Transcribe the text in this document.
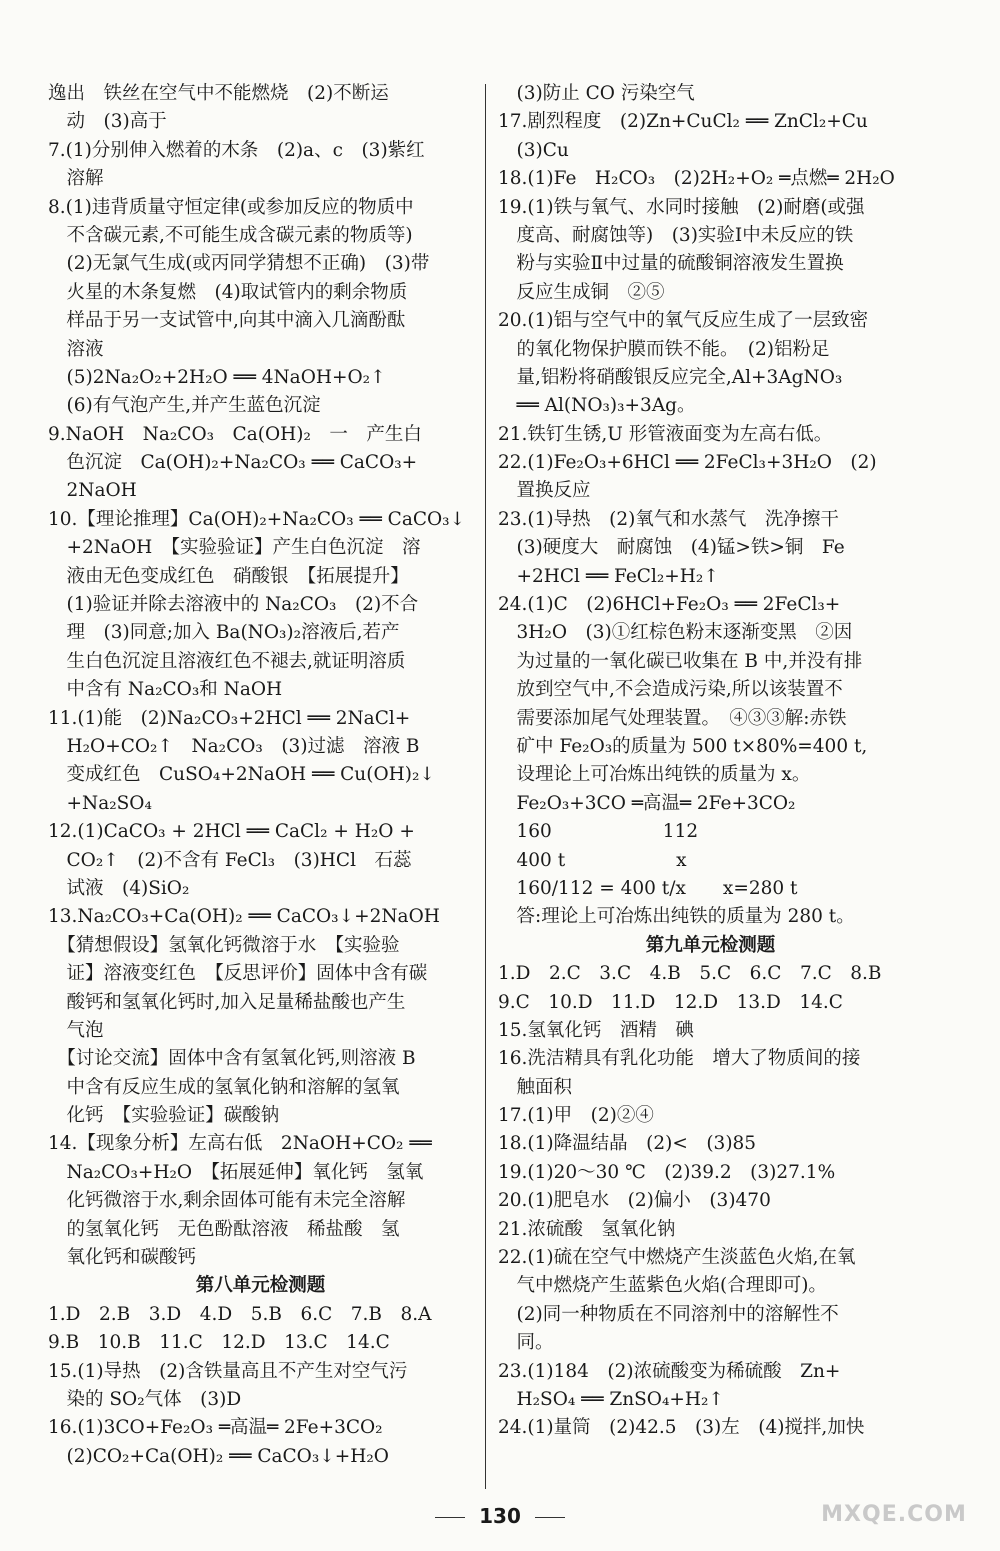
逸出　铁丝在空气中不能燃烧　(2)不断运
　动　(3)高于
7.(1)分别伸入燃着的木条　(2)a、c　(3)紫红
　溶解
8.(1)违背质量守恒定律(或参加反应的物质中
　不含碳元素,不可能生成含碳元素的物质等)
　(2)无氯气生成(或丙同学猜想不正确)　(3)带
　火星的木条复燃　(4)取试管内的剩余物质
　样品于另一支试管中,向其中滴入几滴酚酞
　溶液
　(5)2Na₂O₂+2H₂O ══ 4NaOH+O₂↑
　(6)有气泡产生,并产生蓝色沉淀
9.NaOH　Na₂CO₃　Ca(OH)₂　一　产生白
　色沉淀　Ca(OH)₂+Na₂CO₃ ══ CaCO₃+
　2NaOH
10.【理论推理】Ca(OH)₂+Na₂CO₃ ══ CaCO₃↓
　+2NaOH　【实验验证】产生白色沉淀　溶
　液由无色变成红色　硝酸银　【拓展提升】
　(1)验证并除去溶液中的 Na₂CO₃　(2)不合
　理　(3)同意;加入 Ba(NO₃)₂溶液后,若产
　生白色沉淀且溶液红色不褪去,就证明溶质
　中含有 Na₂CO₃和 NaOH
11.(1)能　(2)Na₂CO₃+2HCl ══ 2NaCl+
　H₂O+CO₂↑　Na₂CO₃　(3)过滤　溶液 B
　变成红色　CuSO₄+2NaOH ══ Cu(OH)₂↓
　+Na₂SO₄
12.(1)CaCO₃ + 2HCl ══ CaCl₂ + H₂O +
　CO₂↑　(2)不含有 FeCl₃　(3)HCl　石蕊
　试液　(4)SiO₂
13.Na₂CO₃+Ca(OH)₂ ══ CaCO₃↓+2NaOH
　【猜想假设】氢氧化钙微溶于水　【实验验
　证】溶液变红色　【反思评价】固体中含有碳
　酸钙和氢氧化钙时,加入足量稀盐酸也产生
　气泡
　【讨论交流】固体中含有氢氧化钙,则溶液 B
　中含有反应生成的氢氧化钠和溶解的氢氧
　化钙　【实验验证】碳酸钠
14.【现象分析】左高右低　2NaOH+CO₂ ══
　Na₂CO₃+H₂O　【拓展延伸】氧化钙　氢氧
　化钙微溶于水,剩余固体可能有未完全溶解
　的氢氧化钙　无色酚酞溶液　稀盐酸　氢
　氧化钙和碳酸钙
第八单元检测题
1.D　2.B　3.D　4.D　5.B　6.C　7.B　8.A
9.B　10.B　11.C　12.D　13.C　14.C
15.(1)导热　(2)含铁量高且不产生对空气污
　染的 SO₂气体　(3)D
16.(1)3CO+Fe₂O₃ ═高温═ 2Fe+3CO₂
　(2)CO₂+Ca(OH)₂ ══ CaCO₃↓+H₂O
　(3)防止 CO 污染空气
17.剧烈程度　(2)Zn+CuCl₂ ══ ZnCl₂+Cu
　(3)Cu
18.(1)Fe　H₂CO₃　(2)2H₂+O₂ ═点燃═ 2H₂O
19.(1)铁与氧气、水同时接触　(2)耐磨(或强
　度高、耐腐蚀等)　(3)实验Ⅰ中未反应的铁
　粉与实验Ⅱ中过量的硫酸铜溶液发生置换
　反应生成铜　②⑤
20.(1)铝与空气中的氧气反应生成了一层致密
　的氧化物保护膜而铁不能。　(2)铝粉足
　量,铝粉将硝酸银反应完全,Al+3AgNO₃
　══ Al(NO₃)₃+3Ag。
21.铁钉生锈,U 形管液面变为左高右低。
22.(1)Fe₂O₃+6HCl ══ 2FeCl₃+3H₂O　(2)
　置换反应
23.(1)导热　(2)氧气和水蒸气　洗净擦干
　(3)硬度大　耐腐蚀　(4)锰>铁>铜　Fe
　+2HCl ══ FeCl₂+H₂↑
24.(1)C　(2)6HCl+Fe₂O₃ ══ 2FeCl₃+
　3H₂O　(3)①红棕色粉末逐渐变黑　②因
　为过量的一氧化碳已收集在 B 中,并没有排
　放到空气中,不会造成污染,所以该装置不
　需要添加尾气处理装置。　④③③解:赤铁
　矿中 Fe₂O₃的质量为 500 t×80%=400 t,
　设理论上可冶炼出纯铁的质量为 x。
　Fe₂O₃+3CO ═高温═ 2Fe+3CO₂
　160　　　　　　112
　400 t　　　　　　x
　160/112 = 400 t/x　　x=280 t
　答:理论上可冶炼出纯铁的质量为 280 t。
第九单元检测题
1.D　2.C　3.C　4.B　5.C　6.C　7.C　8.B
9.C　10.D　11.D　12.D　13.D　14.C
15.氢氧化钙　酒精　碘
16.洗洁精具有乳化功能　增大了物质间的接
　触面积
17.(1)甲　(2)②④
18.(1)降温结晶　(2)<　(3)85
19.(1)20～30 ℃　(2)39.2　(3)27.1%
20.(1)肥皂水　(2)偏小　(3)470
21.浓硫酸　氢氧化钠
22.(1)硫在空气中燃烧产生淡蓝色火焰,在氧
　气中燃烧产生蓝紫色火焰(合理即可)。
　(2)同一种物质在不同溶剂中的溶解性不
　同。
23.(1)184　(2)浓硫酸变为稀硫酸　Zn+
　H₂SO₄ ══ ZnSO₄+H₂↑
24.(1)量筒　(2)42.5　(3)左　(4)搅拌,加快
130	MXQE.COM
